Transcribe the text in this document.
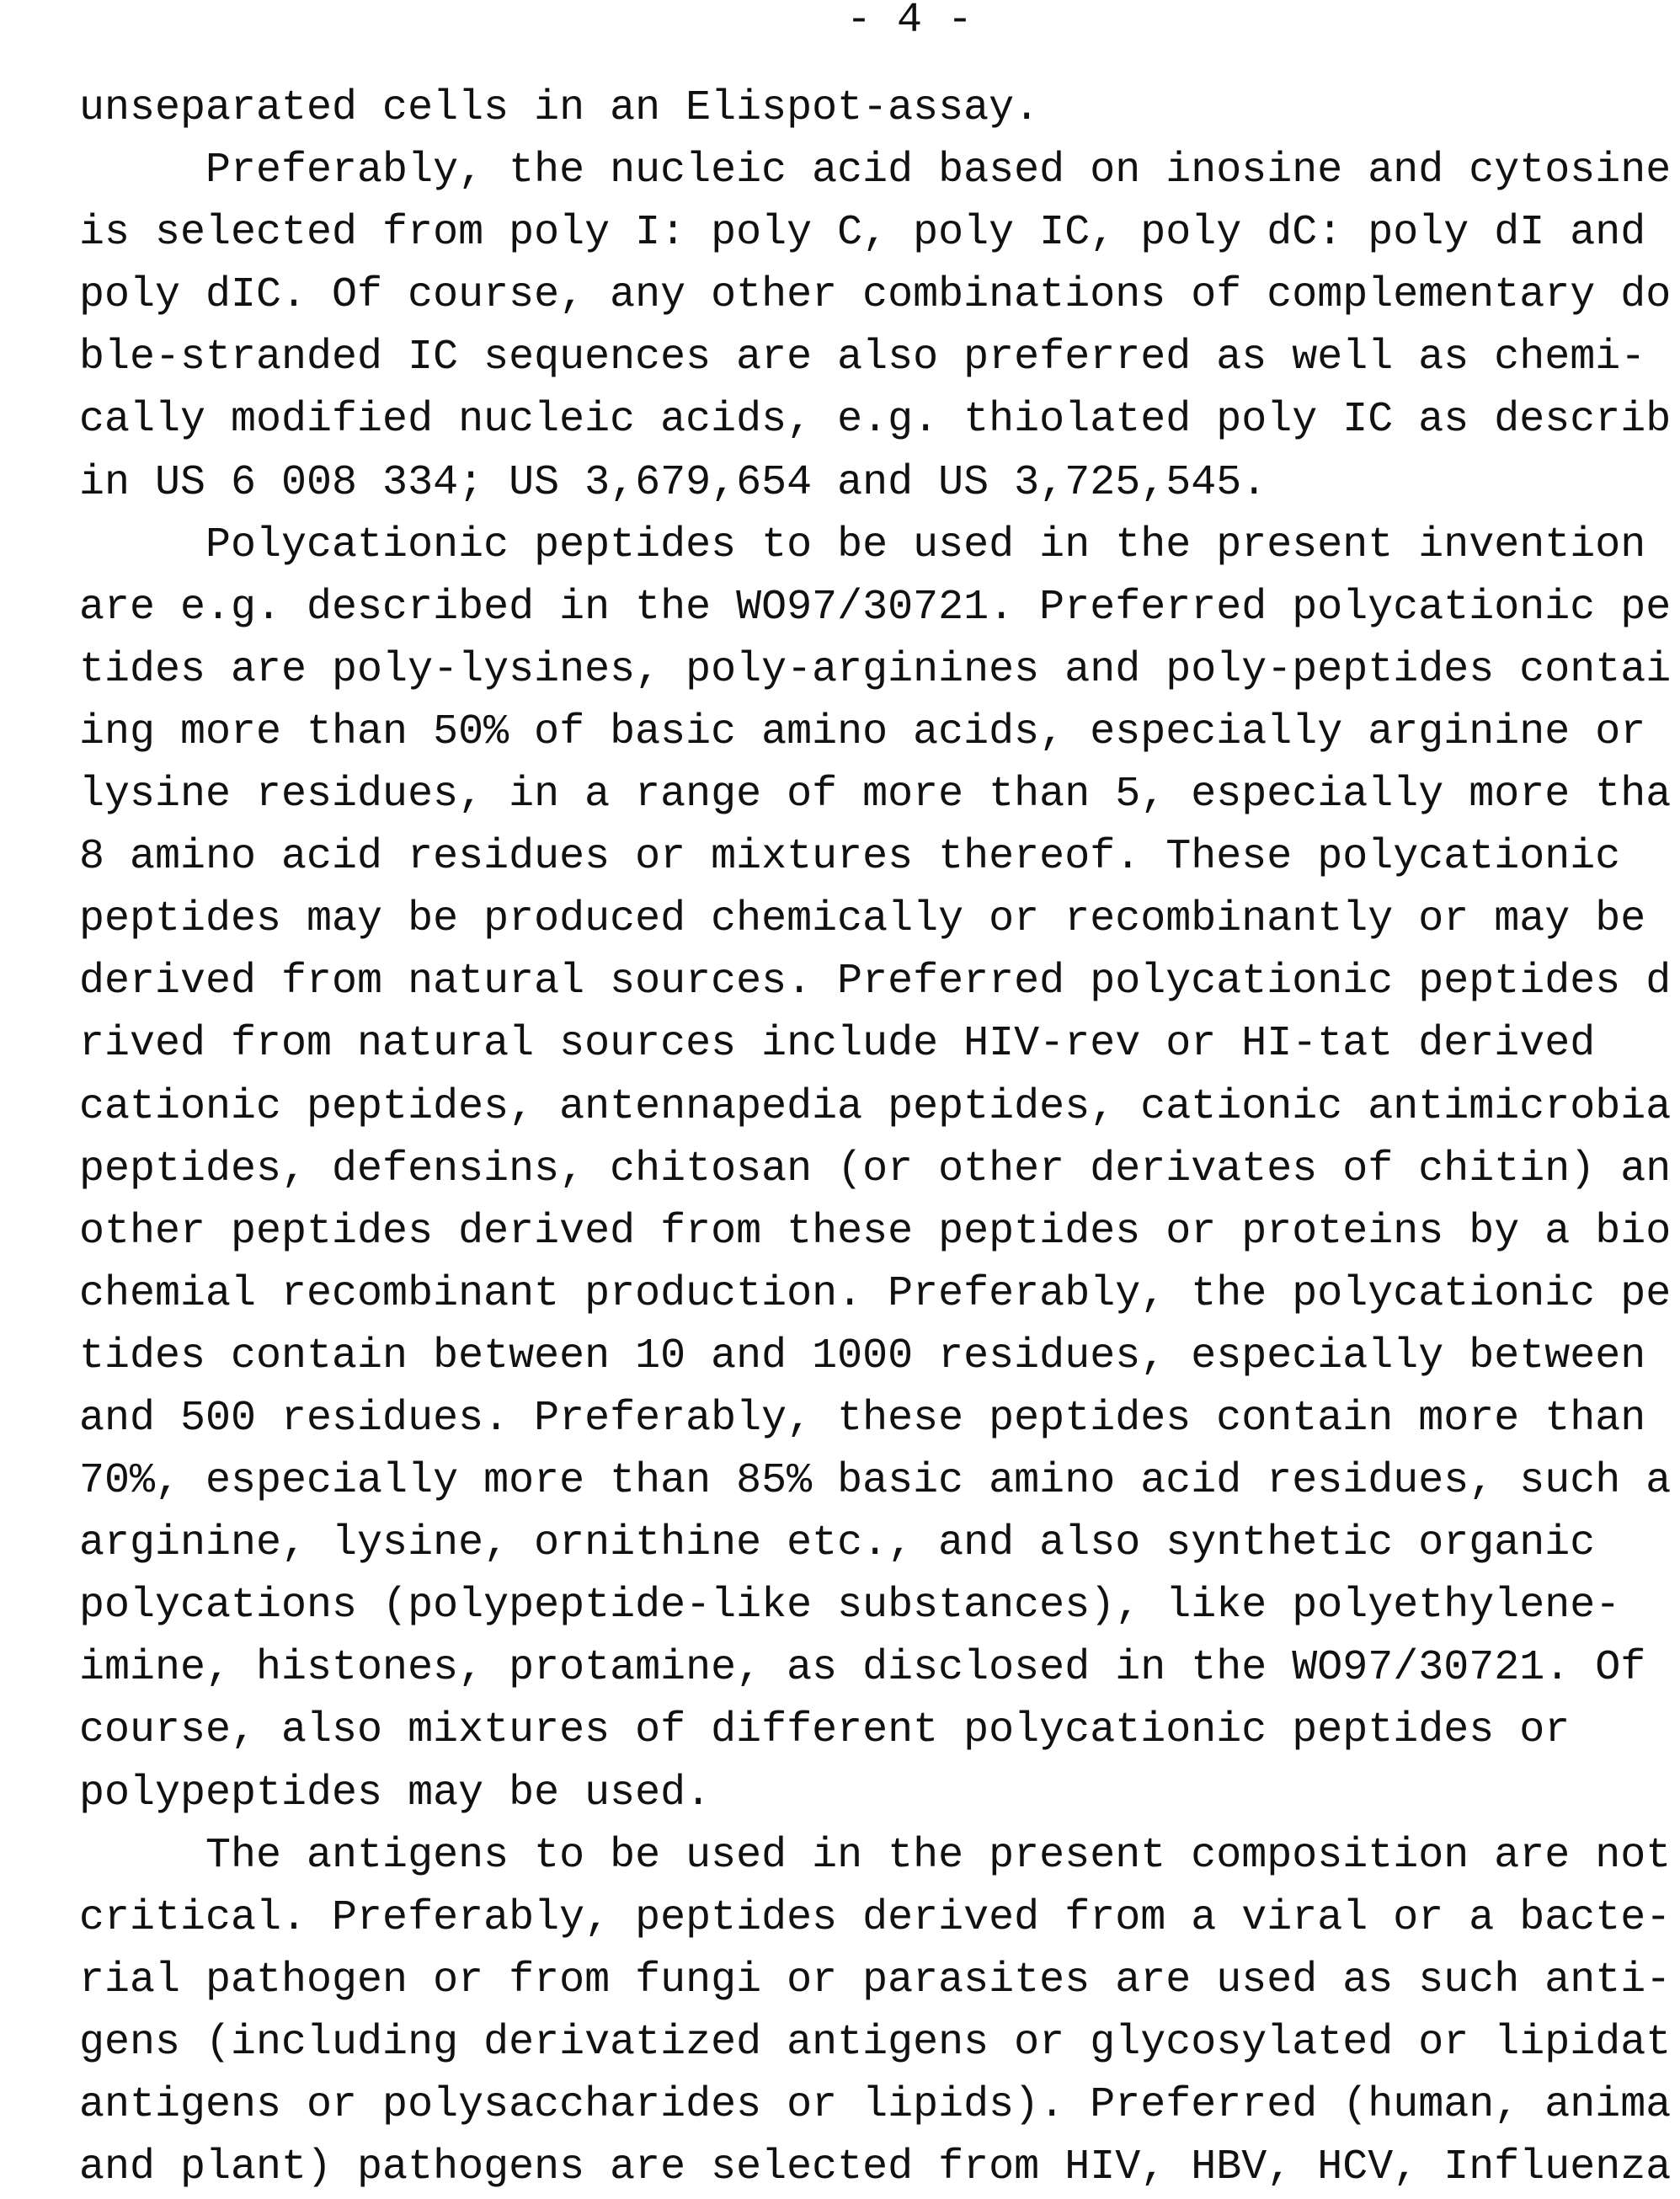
- 4 -
unseparated cells in an Elispot-assay.
Preferably, the nucleic acid based on inosine and cytosine
is selected from poly I: poly C, poly IC, poly dC: poly dI and
poly dIC. Of course, any other combinations of complementary do
ble-stranded IC sequences are also preferred as well as chemi-
cally modified nucleic acids, e.g. thiolated poly IC as describ
in US 6 008 334; US 3,679,654 and US 3,725,545.
Polycationic peptides to be used in the present invention
are e.g. described in the WO97/30721. Preferred polycationic pe
tides are poly-lysines, poly-arginines and poly-peptides contai
ing more than 50% of basic amino acids, especially arginine or
lysine residues, in a range of more than 5, especially more tha
8 amino acid residues or mixtures thereof. These polycationic
peptides may be produced chemically or recombinantly or may be
derived from natural sources. Preferred polycationic peptides d
rived from natural sources include HIV-rev or HI-tat derived
cationic peptides, antennapedia peptides, cationic antimicrobia
peptides, defensins, chitosan (or other derivates of chitin) an
other peptides derived from these peptides or proteins by a bio
chemial recombinant production. Preferably, the polycationic pe
tides contain between 10 and 1000 residues, especially between
and 500 residues. Preferably, these peptides contain more than
70%, especially more than 85% basic amino acid residues, such a
arginine, lysine, ornithine etc., and also synthetic organic
polycations (polypeptide-like substances), like polyethylene-
imine, histones, protamine, as disclosed in the WO97/30721. Of
course, also mixtures of different polycationic peptides or
polypeptides may be used.
The antigens to be used in the present composition are not
critical. Preferably, peptides derived from a viral or a bacte-
rial pathogen or from fungi or parasites are used as such anti-
gens (including derivatized antigens or glycosylated or lipidat
antigens or polysaccharides or lipids). Preferred (human, anima
and plant) pathogens are selected from HIV, HBV, HCV, Influenza
